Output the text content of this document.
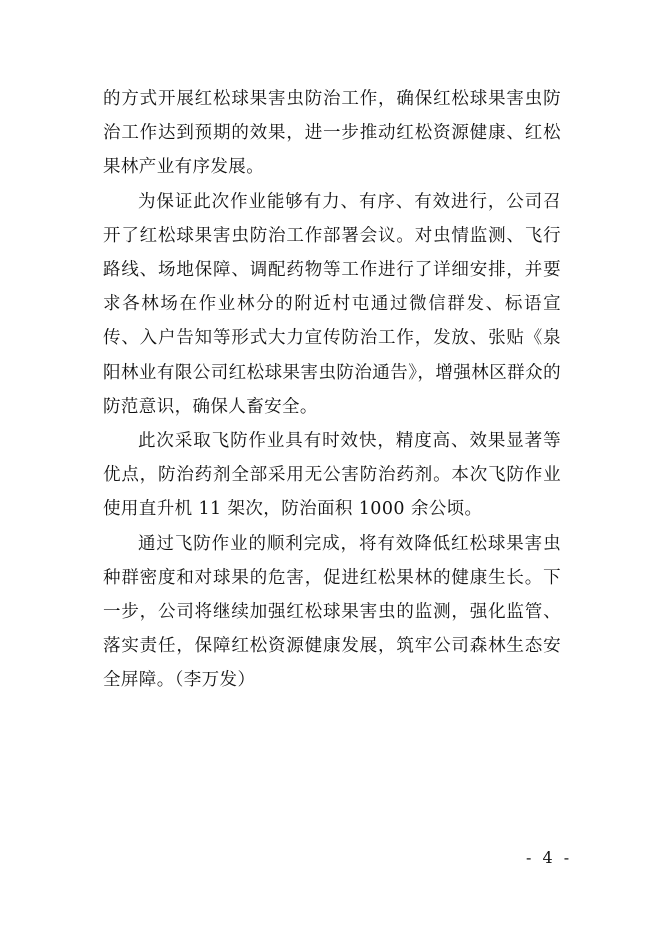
的方式开展红松球果害虫防治工作，确保红松球果害虫防治工作达到预期的效果，进一步推动红松资源健康、红松果林产业有序发展。

为保证此次作业能够有力、有序、有效进行，公司召开了红松球果害虫防治工作部署会议。对虫情监测、飞行路线、场地保障、调配药物等工作进行了详细安排，并要求各林场在作业林分的附近村屯通过微信群发、标语宣传、入户告知等形式大力宣传防治工作，发放、张贴《泉阳林业有限公司红松球果害虫防治通告》，增强林区群众的防范意识，确保人畜安全。

此次采取飞防作业具有时效快，精度高、效果显著等优点，防治药剂全部采用无公害防治药剂。本次飞防作业使用直升机 11 架次，防治面积 1000 余公顷。

通过飞防作业的顺利完成，将有效降低红松球果害虫种群密度和对球果的危害，促进红松果林的健康生长。下一步，公司将继续加强红松球果害虫的监测，强化监管、落实责任，保障红松资源健康发展，筑牢公司森林生态安全屏障。（李万发）

- 4 -
